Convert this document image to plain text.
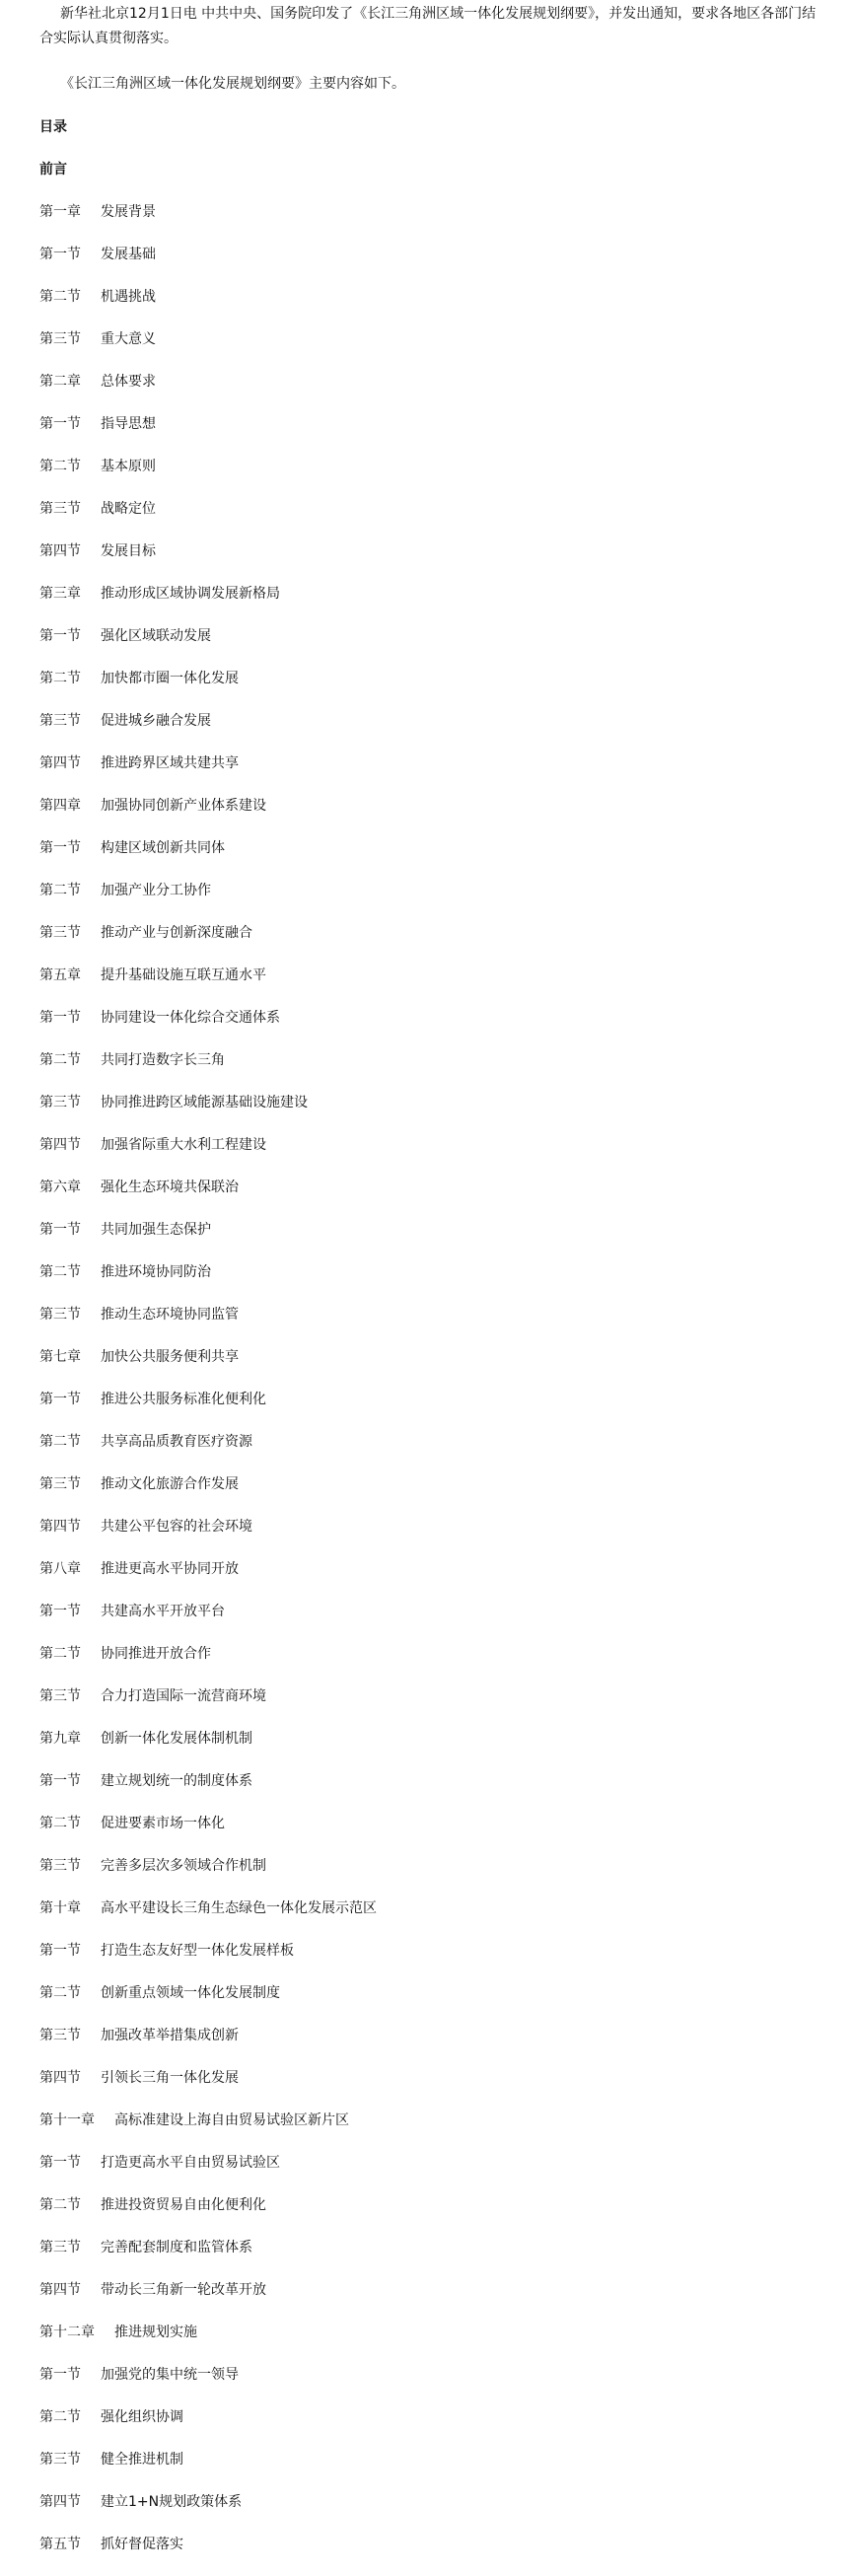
新华社北京12月1日电 中共中央、国务院印发了《长江三角洲区域一体化发展规划纲要》，并发出通知，要求各地区各部门结合实际认真贯彻落实。

《长江三角洲区域一体化发展规划纲要》主要内容如下。

目录

前言

第一章 发展背景
第一节 发展基础
第二节 机遇挑战
第三节 重大意义
第二章 总体要求
第一节 指导思想
第二节 基本原则
第三节 战略定位
第四节 发展目标
第三章 推动形成区域协调发展新格局
第一节 强化区域联动发展
第二节 加快都市圈一体化发展
第三节 促进城乡融合发展
第四节 推进跨界区域共建共享
第四章 加强协同创新产业体系建设
第一节 构建区域创新共同体
第二节 加强产业分工协作
第三节 推动产业与创新深度融合
第五章 提升基础设施互联互通水平
第一节 协同建设一体化综合交通体系
第二节 共同打造数字长三角
第三节 协同推进跨区域能源基础设施建设
第四节 加强省际重大水利工程建设
第六章 强化生态环境共保联治
第一节 共同加强生态保护
第二节 推进环境协同防治
第三节 推动生态环境协同监管
第七章 加快公共服务便利共享
第一节 推进公共服务标准化便利化
第二节 共享高品质教育医疗资源
第三节 推动文化旅游合作发展
第四节 共建公平包容的社会环境
第八章 推进更高水平协同开放
第一节 共建高水平开放平台
第二节 协同推进开放合作
第三节 合力打造国际一流营商环境
第九章 创新一体化发展体制机制
第一节 建立规划统一的制度体系
第二节 促进要素市场一体化
第三节 完善多层次多领域合作机制
第十章 高水平建设长三角生态绿色一体化发展示范区
第一节 打造生态友好型一体化发展样板
第二节 创新重点领域一体化发展制度
第三节 加强改革举措集成创新
第四节 引领长三角一体化发展
第十一章 高标准建设上海自由贸易试验区新片区
第一节 打造更高水平自由贸易试验区
第二节 推进投资贸易自由化便利化
第三节 完善配套制度和监管体系
第四节 带动长三角新一轮改革开放
第十二章 推进规划实施
第一节 加强党的集中统一领导
第二节 强化组织协调
第三节 健全推进机制
第四节 建立1+N规划政策体系
第五节 抓好督促落实
